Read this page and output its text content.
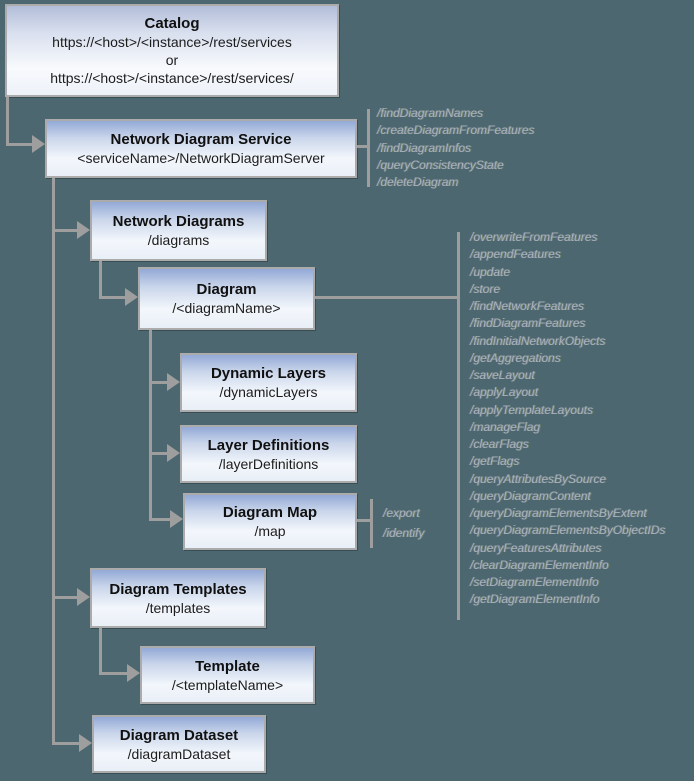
Catalog
https://<host>/<instance>/rest/services
or
https://<host>/<instance>/rest/services/
Network Diagram Service
<serviceName>/NetworkDiagramServer
Network Diagrams
/diagrams
Diagram
/<diagramName>
Dynamic Layers
/dynamicLayers
Layer Definitions
/layerDefinitions
Diagram Map
/map
Diagram Templates
/templates
Template
/<templateName>
Diagram Dataset
/diagramDataset
/findDiagramNames
/createDiagramFromFeatures
/findDiagramInfos
/queryConsistencyState
/deleteDiagram
/overwriteFromFeatures
/appendFeatures
/update
/store
/findNetworkFeatures
/findDiagramFeatures
/findInitialNetworkObjects
/getAggregations
/saveLayout
/applyLayout
/applyTemplateLayouts
/manageFlag
/clearFlags
/getFlags
/queryAttributesBySource
/queryDiagramContent
/queryDiagramElementsByExtent
/queryDiagramElementsByObjectIDs
/queryFeaturesAttributes
/clearDiagramElementInfo
/setDiagramElementInfo
/getDiagramElementInfo
/export
/identify
